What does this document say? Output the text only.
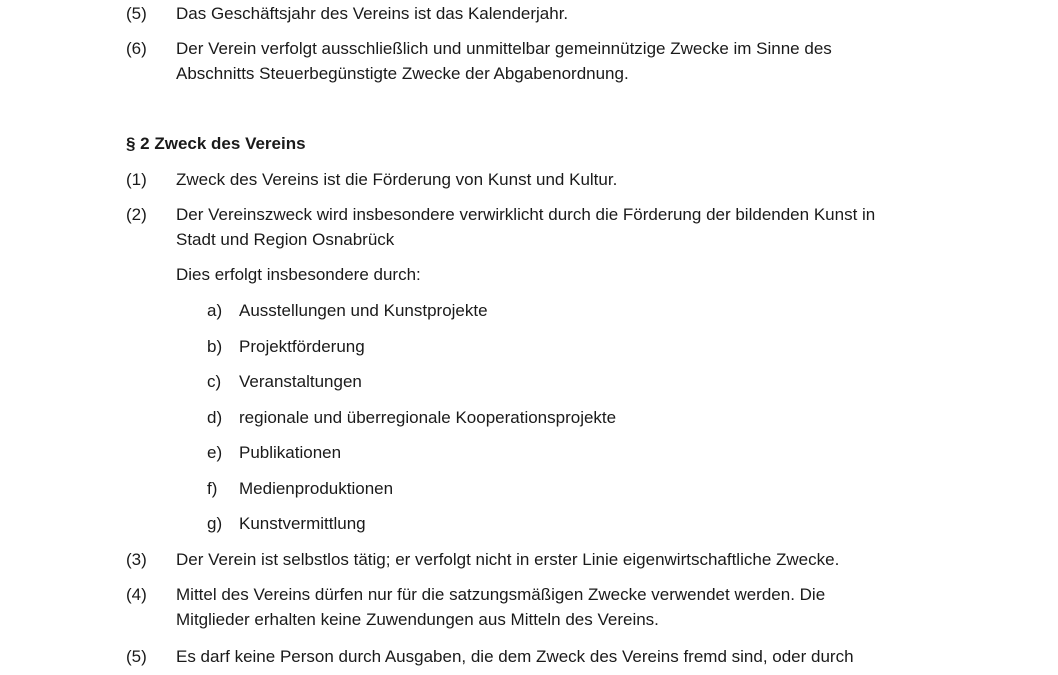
(5) Das Geschäftsjahr des Vereins ist das Kalenderjahr.
(6) Der Verein verfolgt ausschließlich und unmittelbar gemeinnützige Zwecke im Sinne des
Abschnitts Steuerbegünstigte Zwecke der Abgabenordnung.
§ 2 Zweck des Vereins
(1) Zweck des Vereins ist die Förderung von Kunst und Kultur.
(2) Der Vereinszweck wird insbesondere verwirklicht durch die Förderung der bildenden Kunst in
Stadt und Region Osnabrück
Dies erfolgt insbesondere durch:
a) Ausstellungen und Kunstprojekte
b) Projektförderung
c) Veranstaltungen
d) regionale und überregionale Kooperationsprojekte
e) Publikationen
f) Medienproduktionen
g) Kunstvermittlung
(3) Der Verein ist selbstlos tätig; er verfolgt nicht in erster Linie eigenwirtschaftliche Zwecke.
(4) Mittel des Vereins dürfen nur für die satzungsmäßigen Zwecke verwendet werden. Die
Mitglieder erhalten keine Zuwendungen aus Mitteln des Vereins.
(5) Es darf keine Person durch Ausgaben, die dem Zweck des Vereins fremd sind, oder durch
